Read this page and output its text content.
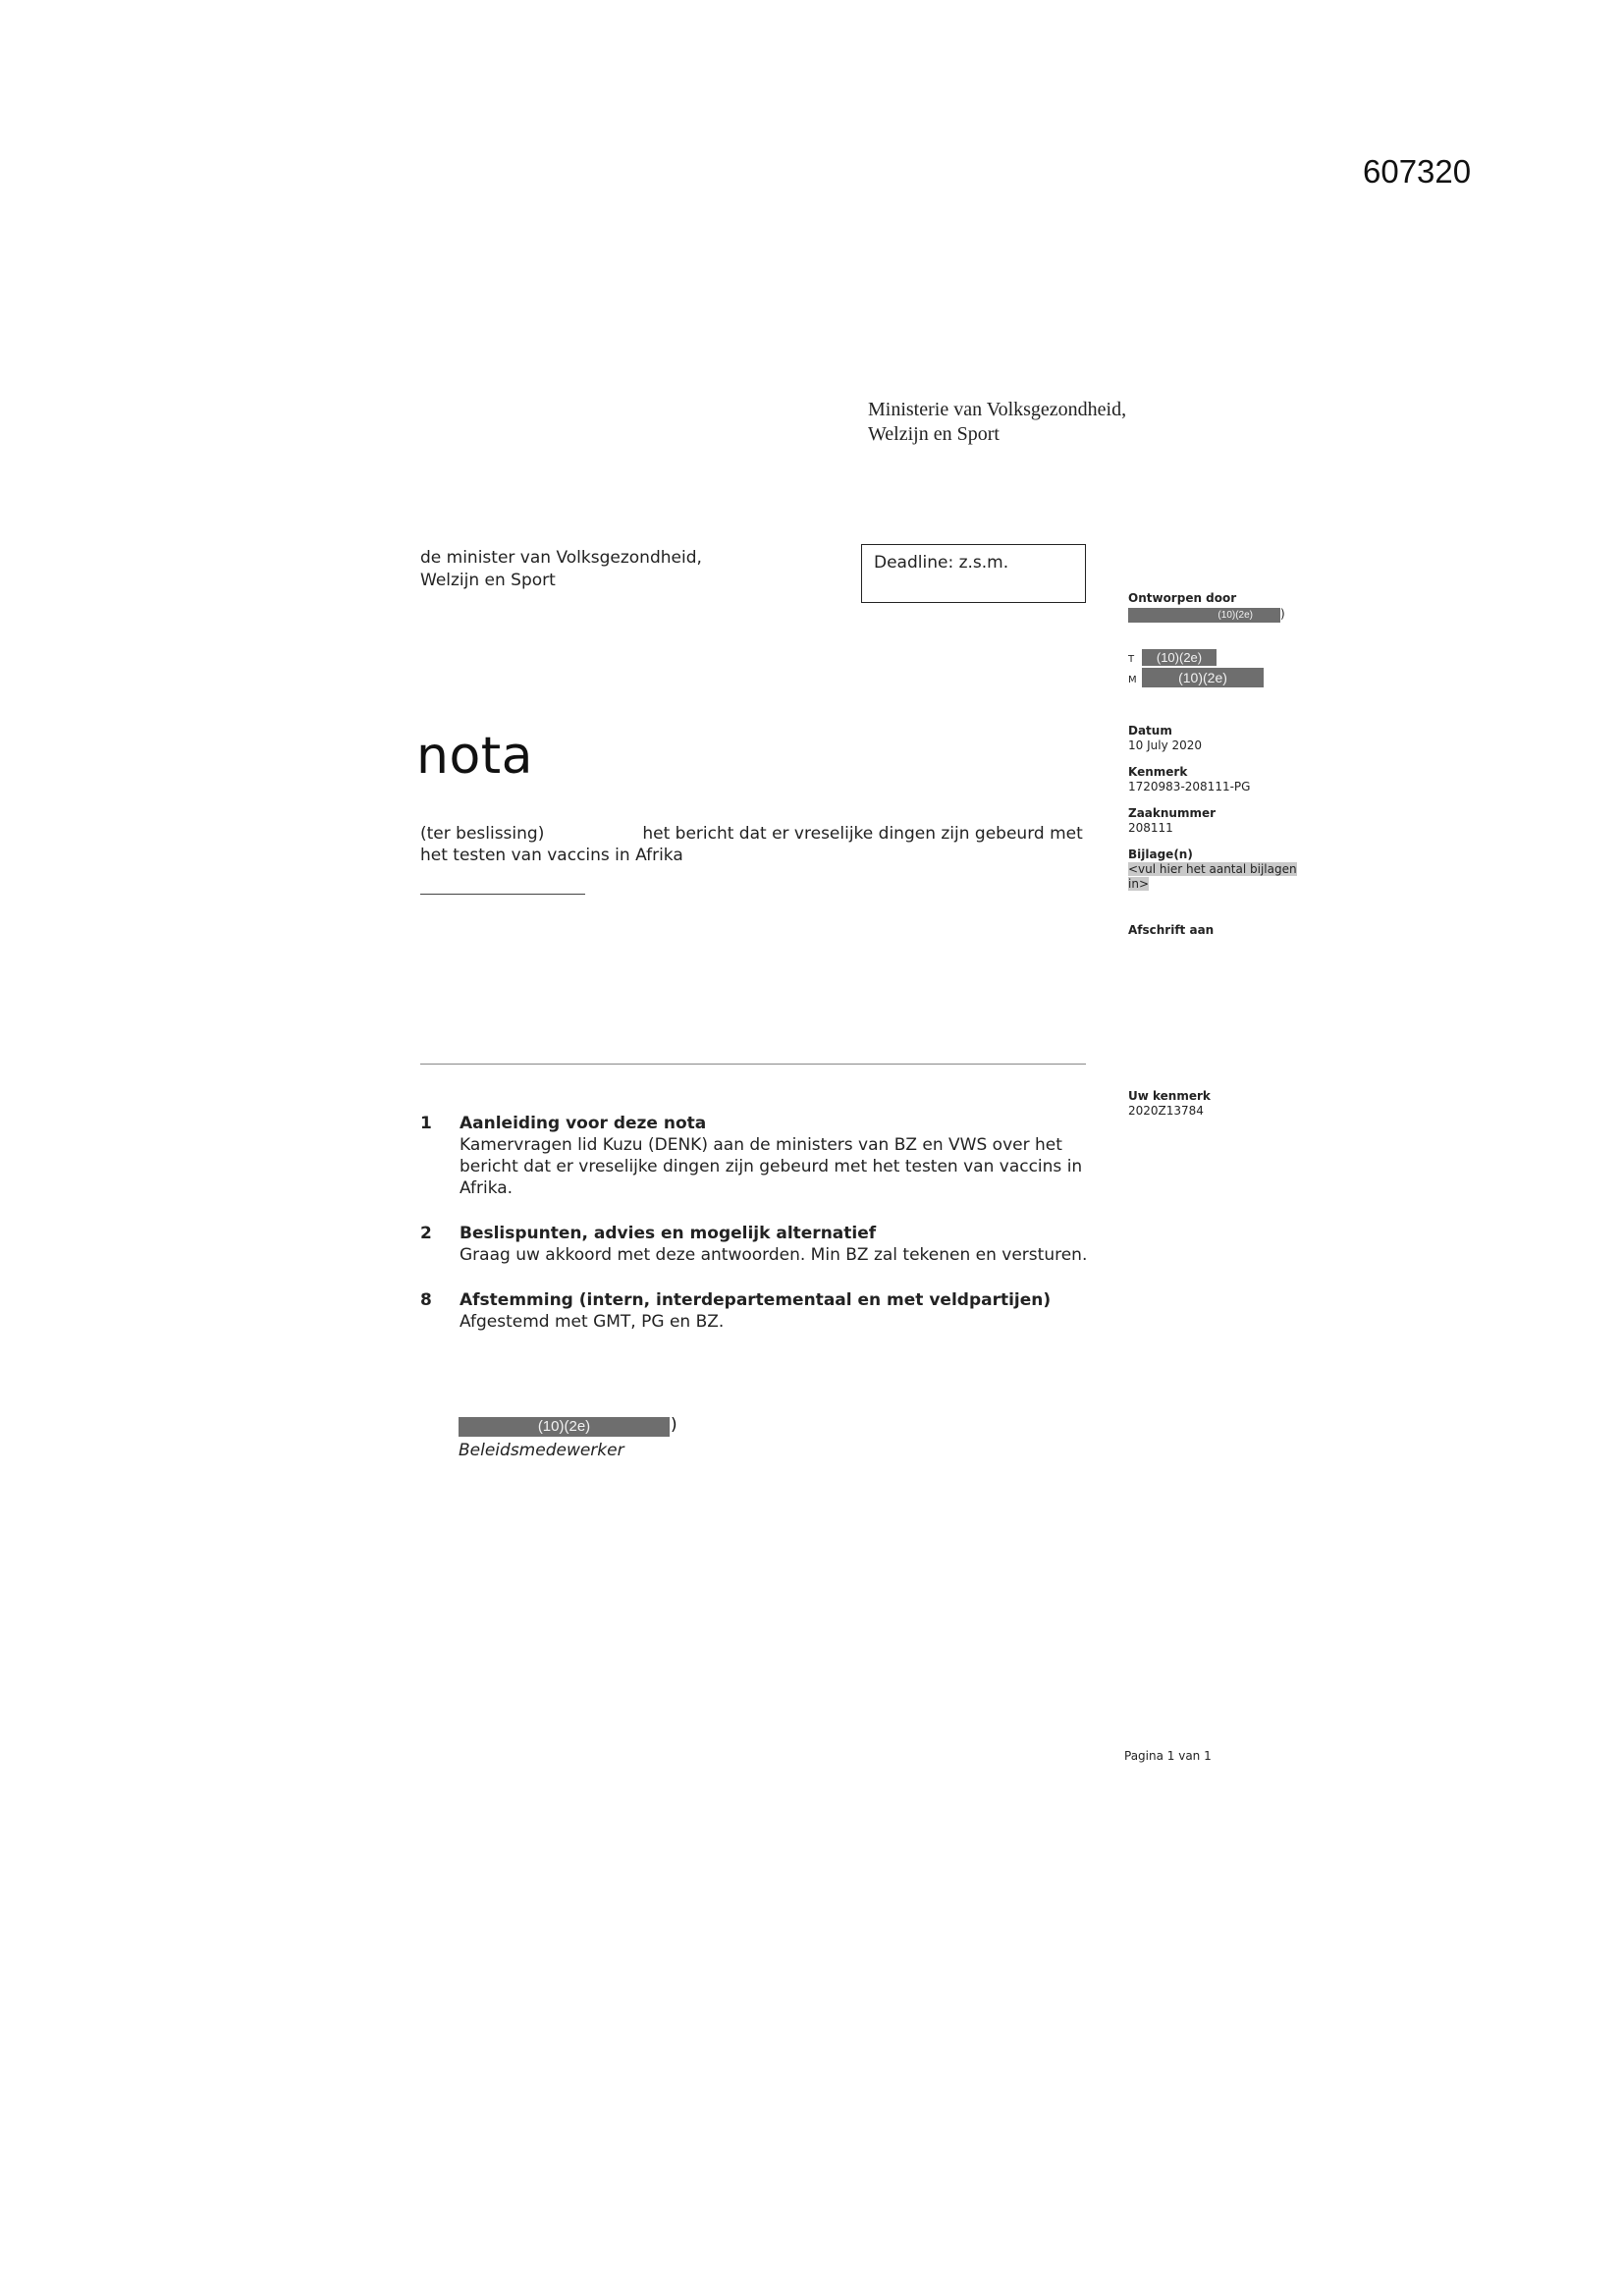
607320
Ministerie van Volksgezondheid,
Welzijn en Sport
de minister van Volksgezondheid,
Welzijn en Sport
Deadline: z.s.m.
nota
(ter beslissing)	het bericht dat er vreselijke dingen zijn gebeurd met
het testen van vaccins in Afrika
Ontworpen door
(10)(2e) )
T (10)(2e)
M	(10)(2e)
Datum
10 July 2020
Kenmerk
1720983-208111-PG
Zaaknummer
208111
Bijlage(n)
<vul hier het aantal bijlagen
in>
Afschrift aan
Uw kenmerk
2020Z13784
1 Aanleiding voor deze nota
Kamervragen lid Kuzu (DENK) aan de ministers van BZ en VWS over het
bericht dat er vreselijke dingen zijn gebeurd met het testen van vaccins in
Afrika.
2 Beslispunten, advies en mogelijk alternatief
Graag uw akkoord met deze antwoorden. Min BZ zal tekenen en versturen.
8 Afstemming (intern, interdepartementaal en met veldpartijen)
Afgestemd met GMT, PG en BZ.
(10)(2e)	)
Beleidsmedewerker
Pagina 1 van 1
